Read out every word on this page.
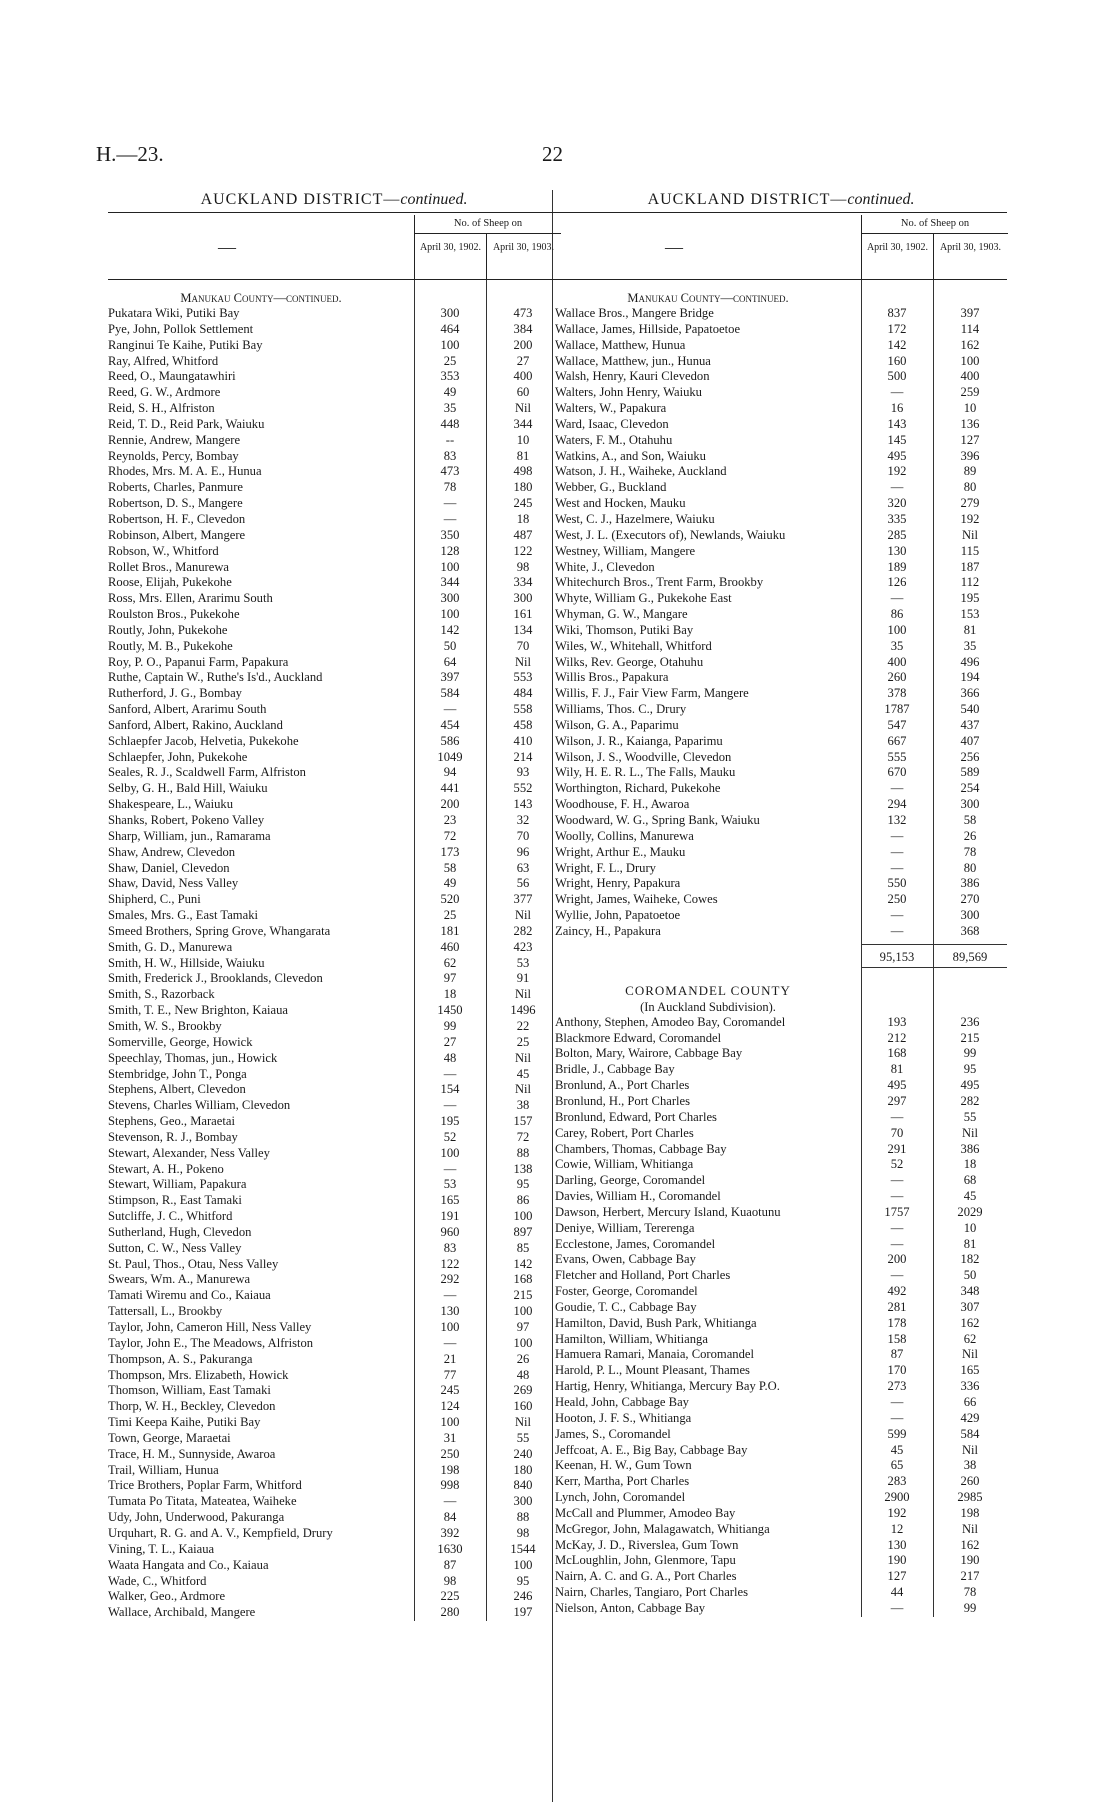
H.—23.	22
AUCKLAND DISTRICT—continued.
—
No. of Sheep on
April 30, 1902.	April 30, 1903.
Manukau County—continued.
Pukatara Wiki, Putiki Bay	300	473
Pye, John, Pollok Settlement	464	384
Ranginui Te Kaihe, Putiki Bay	100	200
Ray, Alfred, Whitford	25	27
Reed, O., Maungatawhiri	353	400
Reed, G. W., Ardmore	49	60
Reid, S. H., Alfriston	35	Nil
Reid, T. D., Reid Park, Waiuku	448	344
Rennie, Andrew, Mangere	--	10
Reynolds, Percy, Bombay	83	81
Rhodes, Mrs. M. A. E., Hunua	473	498
Roberts, Charles, Panmure	78	180
Robertson, D. S., Mangere	—	245
Robertson, H. F., Clevedon	—	18
Robinson, Albert, Mangere	350	487
Robson, W., Whitford	128	122
Rollet Bros., Manurewa	100	98
Roose, Elijah, Pukekohe	344	334
Ross, Mrs. Ellen, Ararimu South	300	300
Roulston Bros., Pukekohe	100	161
Routly, John, Pukekohe	142	134
Routly, M. B., Pukekohe	50	70
Roy, P. O., Papanui Farm, Papakura	64	Nil
Ruthe, Captain W., Ruthe's Is'd., Auckland	397	553
Rutherford, J. G., Bombay	584	484
Sanford, Albert, Ararimu South	—	558
Sanford, Albert, Rakino, Auckland	454	458
Schlaepfer Jacob, Helvetia, Pukekohe	586	410
Schlaepfer, John, Pukekohe	1049	214
Seales, R. J., Scaldwell Farm, Alfriston	94	93
Selby, G. H., Bald Hill, Waiuku	441	552
Shakespeare, L., Waiuku	200	143
Shanks, Robert, Pokeno Valley	23	32
Sharp, William, jun., Ramarama	72	70
Shaw, Andrew, Clevedon	173	96
Shaw, Daniel, Clevedon	58	63
Shaw, David, Ness Valley	49	56
Shipherd, C., Puni	520	377
Smales, Mrs. G., East Tamaki	25	Nil
Smeed Brothers, Spring Grove, Whangarata	181	282
Smith, G. D., Manurewa	460	423
Smith, H. W., Hillside, Waiuku	62	53
Smith, Frederick J., Brooklands, Clevedon	97	91
Smith, S., Razorback	18	Nil
Smith, T. E., New Brighton, Kaiaua	1450	1496
Smith, W. S., Brookby	99	22
Somerville, George, Howick	27	25
Speechlay, Thomas, jun., Howick	48	Nil
Stembridge, John T., Ponga	—	45
Stephens, Albert, Clevedon	154	Nil
Stevens, Charles William, Clevedon	—	38
Stephens, Geo., Maraetai	195	157
Stevenson, R. J., Bombay	52	72
Stewart, Alexander, Ness Valley	100	88
Stewart, A. H., Pokeno	—	138
Stewart, William, Papakura	53	95
Stimpson, R., East Tamaki	165	86
Sutcliffe, J. C., Whitford	191	100
Sutherland, Hugh, Clevedon	960	897
Sutton, C. W., Ness Valley	83	85
St. Paul, Thos., Otau, Ness Valley	122	142
Swears, Wm. A., Manurewa	292	168
Tamati Wiremu and Co., Kaiaua	—	215
Tattersall, L., Brookby	130	100
Taylor, John, Cameron Hill, Ness Valley	100	97
Taylor, John E., The Meadows, Alfriston	—	100
Thompson, A. S., Pakuranga	21	26
Thompson, Mrs. Elizabeth, Howick	77	48
Thomson, William, East Tamaki	245	269
Thorp, W. H., Beckley, Clevedon	124	160
Timi Keepa Kaihe, Putiki Bay	100	Nil
Town, George, Maraetai	31	55
Trace, H. M., Sunnyside, Awaroa	250	240
Trail, William, Hunua	198	180
Trice Brothers, Poplar Farm, Whitford	998	840
Tumata Po Titata, Mateatea, Waiheke	—	300
Udy, John, Underwood, Pakuranga	84	88
Urquhart, R. G. and A. V., Kempfield, Drury	392	98
Vining, T. L., Kaiaua	1630	1544
Waata Hangata and Co., Kaiaua	87	100
Wade, C., Whitford	98	95
Walker, Geo., Ardmore	225	246
Wallace, Archibald, Mangere	280	197
AUCKLAND DISTRICT—continued.
—
No. of Sheep on
April 30, 1902.	April 30, 1903.
Manukau County—continued.
Wallace Bros., Mangere Bridge	837	397
Wallace, James, Hillside, Papatoetoe	172	114
Wallace, Matthew, Hunua	142	162
Wallace, Matthew, jun., Hunua	160	100
Walsh, Henry, Kauri Clevedon	500	400
Walters, John Henry, Waiuku	—	259
Walters, W., Papakura	16	10
Ward, Isaac, Clevedon	143	136
Waters, F. M., Otahuhu	145	127
Watkins, A., and Son, Waiuku	495	396
Watson, J. H., Waiheke, Auckland	192	89
Webber, G., Buckland	—	80
West and Hocken, Mauku	320	279
West, C. J., Hazelmere, Waiuku	335	192
West, J. L. (Executors of), Newlands, Waiuku	285	Nil
Westney, William, Mangere	130	115
White, J., Clevedon	189	187
Whitechurch Bros., Trent Farm, Brookby	126	112
Whyte, William G., Pukekohe East	—	195
Whyman, G. W., Mangare	86	153
Wiki, Thomson, Putiki Bay	100	81
Wiles, W., Whitehall, Whitford	35	35
Wilks, Rev. George, Otahuhu	400	496
Willis Bros., Papakura	260	194
Willis, F. J., Fair View Farm, Mangere	378	366
Williams, Thos. C., Drury	1787	540
Wilson, G. A., Paparimu	547	437
Wilson, J. R., Kaianga, Paparimu	667	407
Wilson, J. S., Woodville, Clevedon	555	256
Wily, H. E. R. L., The Falls, Mauku	670	589
Worthington, Richard, Pukekohe	—	254
Woodhouse, F. H., Awaroa	294	300
Woodward, W. G., Spring Bank, Waiuku	132	58
Woolly, Collins, Manurewa	—	26
Wright, Arthur E., Mauku	—	78
Wright, F. L., Drury	—	80
Wright, Henry, Papakura	550	386
Wright, James, Waiheke, Cowes	250	270
Wyllie, John, Papatoetoe	—	300
Zaincy, H., Papakura	—	368
95,153	89,569
COROMANDEL COUNTY
(In Auckland Subdivision).
Anthony, Stephen, Amodeo Bay, Coromandel	193	236
Blackmore Edward, Coromandel	212	215
Bolton, Mary, Wairore, Cabbage Bay	168	99
Bridle, J., Cabbage Bay	81	95
Bronlund, A., Port Charles	495	495
Bronlund, H., Port Charles	297	282
Bronlund, Edward, Port Charles	—	55
Carey, Robert, Port Charles	70	Nil
Chambers, Thomas, Cabbage Bay	291	386
Cowie, William, Whitianga	52	18
Darling, George, Coromandel	—	68
Davies, William H., Coromandel	—	45
Dawson, Herbert, Mercury Island, Kuaotunu	1757	2029
Deniye, William, Tererenga	—	10
Ecclestone, James, Coromandel	—	81
Evans, Owen, Cabbage Bay	200	182
Fletcher and Holland, Port Charles	—	50
Foster, George, Coromandel	492	348
Goudie, T. C., Cabbage Bay	281	307
Hamilton, David, Bush Park, Whitianga	178	162
Hamilton, William, Whitianga	158	62
Hamuera Ramari, Manaia, Coromandel	87	Nil
Harold, P. L., Mount Pleasant, Thames	170	165
Hartig, Henry, Whitianga, Mercury Bay P.O.	273	336
Heald, John, Cabbage Bay	—	66
Hooton, J. F. S., Whitianga	—	429
James, S., Coromandel	599	584
Jeffcoat, A. E., Big Bay, Cabbage Bay	45	Nil
Keenan, H. W., Gum Town	65	38
Kerr, Martha, Port Charles	283	260
Lynch, John, Coromandel	2900	2985
McCall and Plummer, Amodeo Bay	192	198
McGregor, John, Malagawatch, Whitianga	12	Nil
McKay, J. D., Riverslea, Gum Town	130	162
McLoughlin, John, Glenmore, Tapu	190	190
Nairn, A. C. and G. A., Port Charles	127	217
Nairn, Charles, Tangiaro, Port Charles	44	78
Nielson, Anton, Cabbage Bay	—	99
